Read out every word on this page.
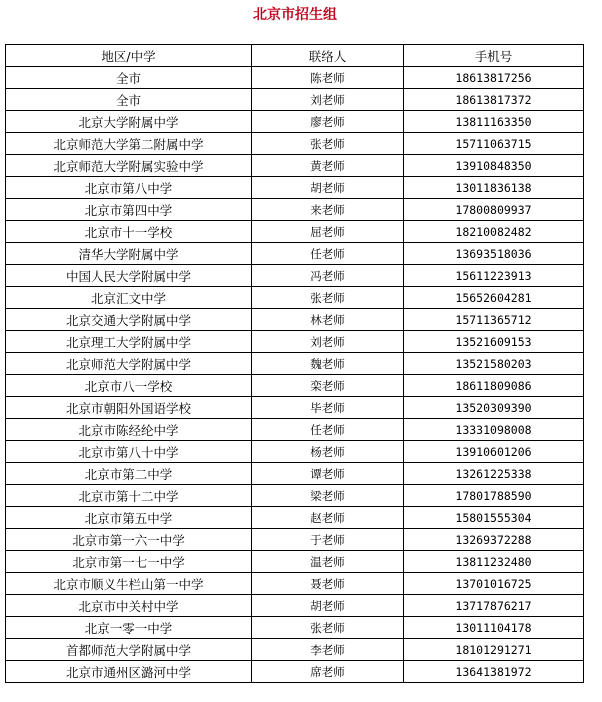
北京市招生组
地区/中学	联络人	手机号
全市	陈老师	18613817256
全市	刘老师	18613817372
北京大学附属中学	廖老师	13811163350
北京师范大学第二附属中学	张老师	15711063715
北京师范大学附属实验中学	黄老师	13910848350
北京市第八中学	胡老师	13011836138
北京市第四中学	来老师	17800809937
北京市十一学校	屈老师	18210082482
清华大学附属中学	任老师	13693518036
中国人民大学附属中学	冯老师	15611223913
北京汇文中学	张老师	15652604281
北京交通大学附属中学	林老师	15711365712
北京理工大学附属中学	刘老师	13521609153
北京师范大学附属中学	魏老师	13521580203
北京市八一学校	栾老师	18611809086
北京市朝阳外国语学校	毕老师	13520309390
北京市陈经纶中学	任老师	13331098008
北京市第八十中学	杨老师	13910601206
北京市第二中学	谭老师	13261225338
北京市第十二中学	梁老师	17801788590
北京市第五中学	赵老师	15801555304
北京市第一六一中学	于老师	13269372288
北京市第一七一中学	温老师	13811232480
北京市顺义牛栏山第一中学	聂老师	13701016725
北京市中关村中学	胡老师	13717876217
北京一零一中学	张老师	13011104178
首都师范大学附属中学	李老师	18101291271
北京市通州区潞河中学	席老师	13641381972
